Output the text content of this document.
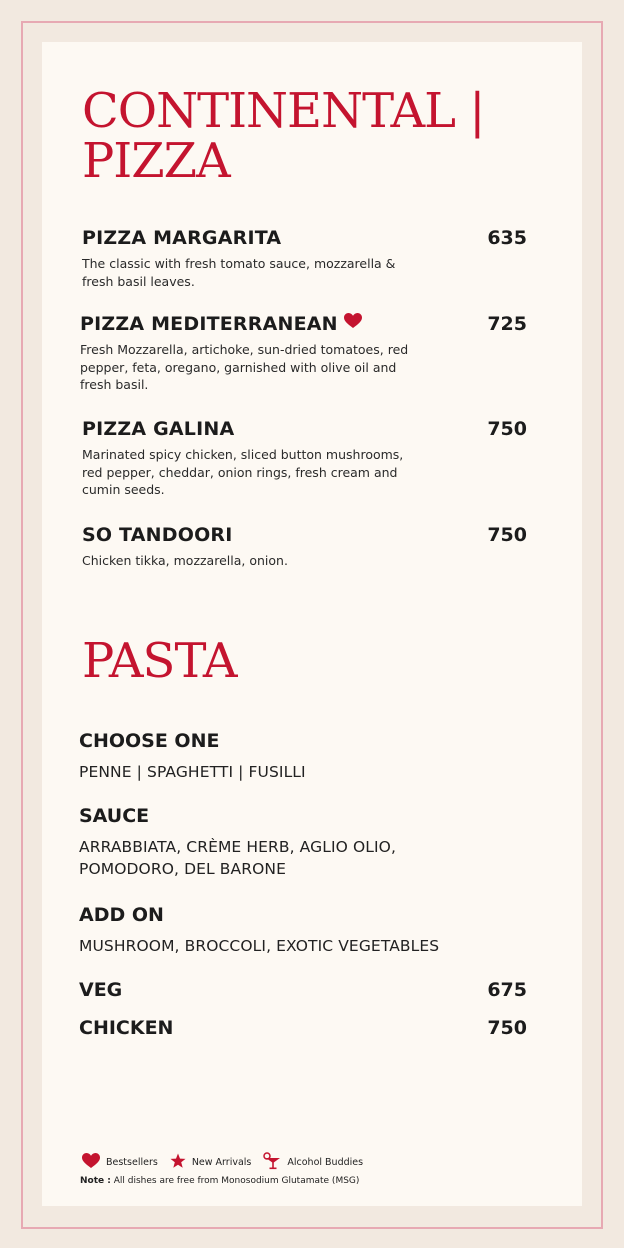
CONTINENTAL |
PIZZA
PIZZA MARGARITA	635
The classic with fresh tomato sauce, mozzarella & fresh basil leaves.
PIZZA MEDITERRANEAN	725
Fresh Mozzarella, artichoke, sun-dried tomatoes, red pepper, feta, oregano, garnished with olive oil and fresh basil.
PIZZA GALINA	750
Marinated spicy chicken, sliced button mushrooms, red pepper, cheddar, onion rings, fresh cream and cumin seeds.
SO TANDOORI	750
Chicken tikka, mozzarella, onion.
PASTA
CHOOSE ONE
PENNE | SPAGHETTI | FUSILLI
SAUCE
ARRABBIATA, CRÈME HERB, AGLIO OLIO,
POMODORO, DEL BARONE
ADD ON
MUSHROOM, BROCCOLI, EXOTIC VEGETABLES
VEG	675
CHICKEN	750
Bestsellers	New Arrivals	Alcohol Buddies
Note : All dishes are free from Monosodium Glutamate (MSG)
